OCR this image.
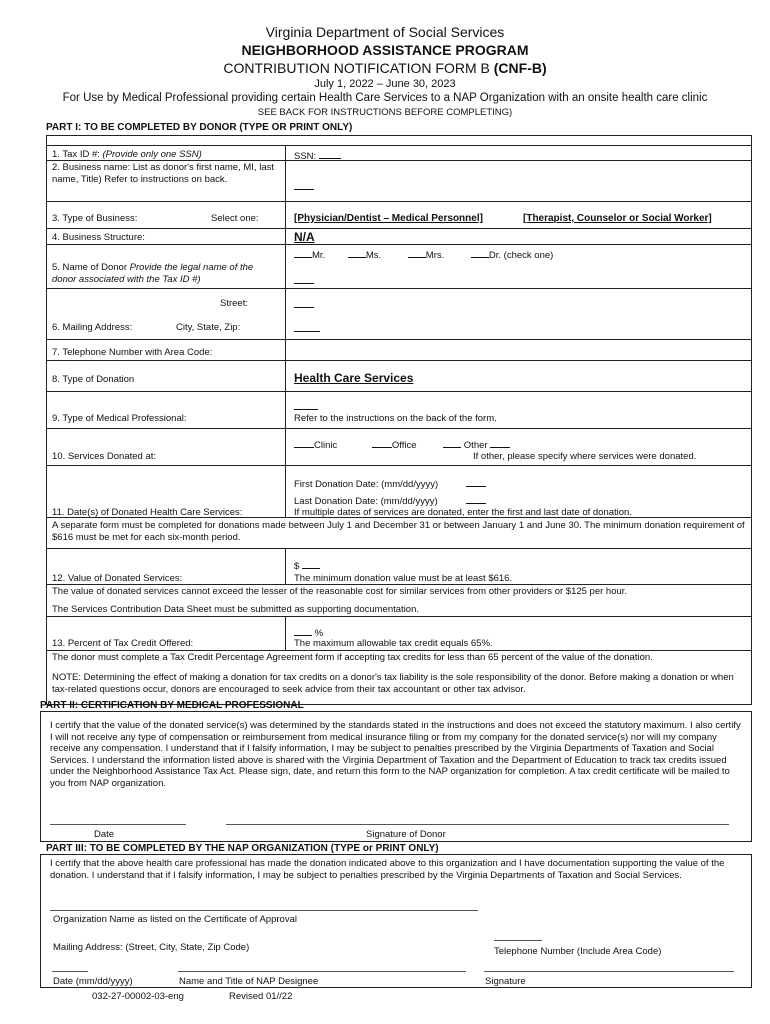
Virginia Department of Social Services
NEIGHBORHOOD ASSISTANCE PROGRAM
CONTRIBUTION NOTIFICATION FORM B (CNF-B)
July 1, 2022 – June 30, 2023
For Use by Medical Professional providing certain Health Care Services to a NAP Organization with an onsite health care clinic
SEE BACK FOR INSTRUCTIONS BEFORE COMPLETING)
PART I: TO BE COMPLETED BY DONOR (TYPE OR PRINT ONLY)
1. Tax ID #: (Provide only one SSN)	SSN:
2. Business name: List as donor's first name, MI, last name, Title) Refer to instructions on back.
3. Type of Business:	Select one:	[Physician/Dentist – Medical Personnel]	[Therapist, Counselor or Social Worker]
4. Business Structure:	N/A
Mr.	Ms.	Mrs.	Dr. (check one)
5. Name of Donor Provide the legal name of the donor associated with the Tax ID #)
Street:
6. Mailing Address:	City, State, Zip:
7. Telephone Number with Area Code:
8. Type of Donation	Health Care Services
9. Type of Medical Professional:	Refer to the instructions on the back of the form.
Clinic	Office	Other
10. Services Donated at:	If other, please specify where services were donated.
First Donation Date: (mm/dd/yyyy)
Last Donation Date: (mm/dd/yyyy)
11. Date(s) of Donated Health Care Services:	If multiple dates of services are donated, enter the first and last date of donation.
A separate form must be completed for donations made between July 1 and December 31 or between January 1 and June 30. The minimum donation requirement of $616 must be met for each six-month period.
$
12. Value of Donated Services:	The minimum donation value must be at least $616.
The value of donated services cannot exceed the lesser of the reasonable cost for similar services from other providers or $125 per hour.
The Services Contribution Data Sheet must be submitted as supporting documentation.
%
13. Percent of Tax Credit Offered:	The maximum allowable tax credit equals 65%.
The donor must complete a Tax Credit Percentage Agreement form if accepting tax credits for less than 65 percent of the value of the donation.
NOTE: Determining the effect of making a donation for tax credits on a donor's tax liability is the sole responsibility of the donor. Before making a donation or when tax-related questions occur, donors are encouraged to seek advice from their tax accountant or other tax advisor.
PART II: CERTIFICATION BY MEDICAL PROFESSIONAL
I certify that the value of the donated service(s) was determined by the standards stated in the instructions and does not exceed the statutory maximum. I also certify I will not receive any type of compensation or reimbursement from medical insurance filing or from my company for the donated service(s) nor will my company receive any compensation. I understand that if I falsify information, I may be subject to penalties prescribed by the Virginia Departments of Taxation and Social Services. I understand the information listed above is shared with the Virginia Department of Taxation and the Department of Education to track tax credits issued under the Neighborhood Assistance Tax Act. Please sign, date, and return this form to the NAP organization for completion. A tax credit certificate will be mailed to you from NAP organization.
Date	Signature of Donor
PART III: TO BE COMPLETED BY THE NAP ORGANIZATION (TYPE or PRINT ONLY)
I certify that the above health care professional has made the donation indicated above to this organization and I have documentation supporting the value of the donation. I understand that if I falsify information, I may be subject to penalties prescribed by the Virginia Departments of Taxation and Social Services.
Organization Name as listed on the Certificate of Approval
Mailing Address: (Street, City, State, Zip Code)	Telephone Number (Include Area Code)
Date (mm/dd/yyyy)	Name and Title of NAP Designee	Signature
032-27-00002-03-eng	Revised 01//22
